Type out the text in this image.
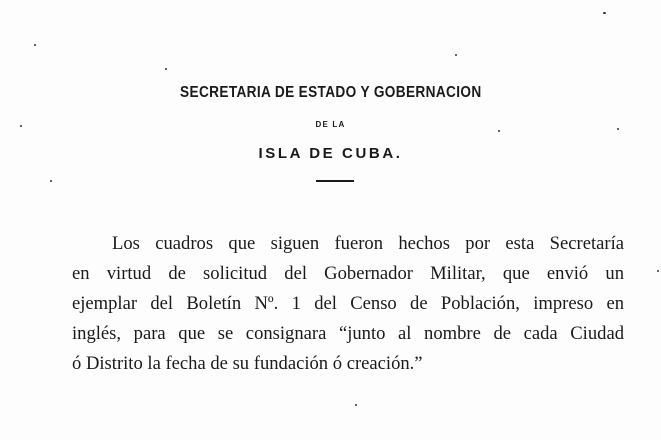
SECRETARIA DE ESTADO Y GOBERNACION
DE LA
ISLA DE CUBA.
Los cuadros que siguen fueron hechos por esta Secretaría
en virtud de solicitud del Gobernador Militar, que envió un
ejemplar del Boletín Nº. 1 del Censo de Población, impreso en
inglés, para que se consignara “junto al nombre de cada Ciudad
ó Distrito la fecha de su fundación ó creación.”
